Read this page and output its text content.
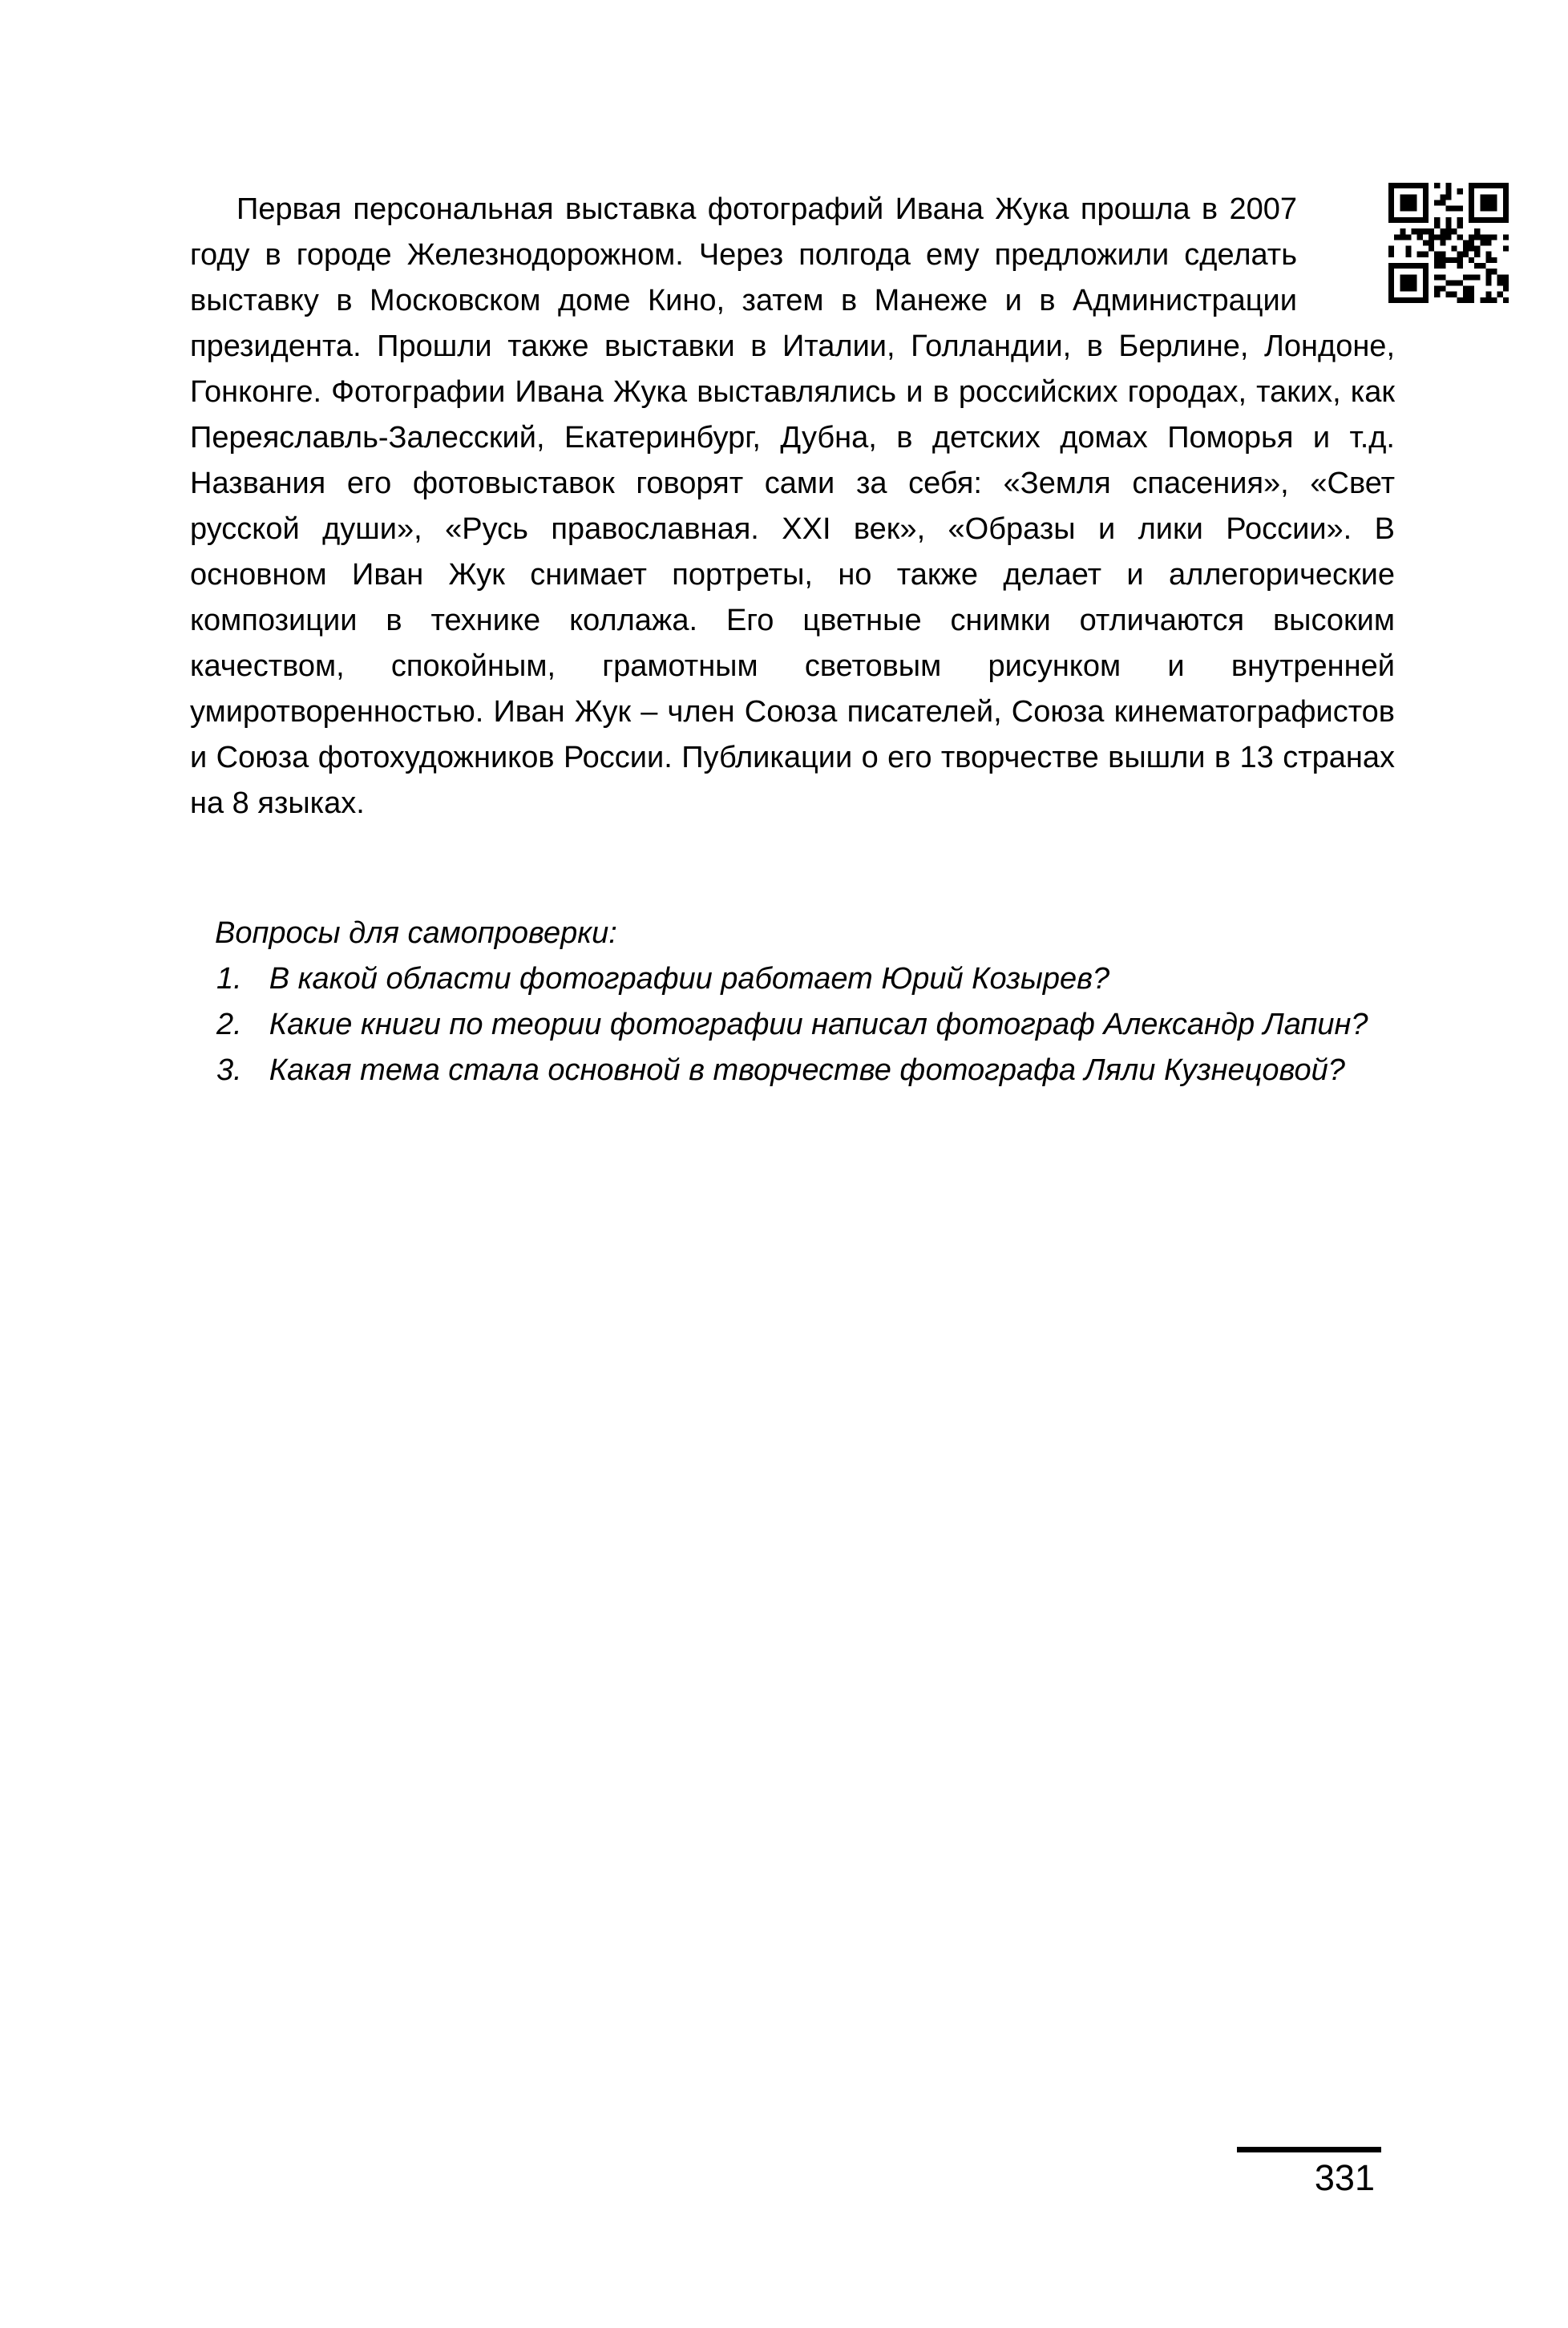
Первая персональная выставка фотографий Ивана Жука прошла в 2007 году в городе Железнодорожном. Через полгода ему предложили сделать выставку в Московском доме Кино, затем в Манеже и в Администрации президента. Прошли также выставки в Италии, Голландии, в Берлине, Лондоне, Гонконге. Фотографии Ивана Жука выставлялись и в российских городах, таких, как Переяславль-Залесский, Екатеринбург, Дубна, в детских домах Поморья и т.д. Названия его фотовыставок говорят сами за себя: «Земля спасения», «Свет русской души», «Русь православная. XXI век», «Образы и лики России». В основном Иван Жук снимает портреты, но также делает и аллегорические композиции в технике коллажа. Его цветные снимки отличаются высоким качеством, спокойным, грамотным световым рисунком и внутренней умиротворенностью. Иван Жук – член Союза писателей, Союза кинематографистов и Союза фотохудожников России. Публикации о его творчестве вышли в 13 странах на 8 языках.

Вопросы для самопроверки:

1. В какой области фотографии работает Юрий Козырев?

2. Какие книги по теории фотографии написал фотограф Александр Лапин?

3. Какая тема стала основной в творчестве фотографа Ляли Кузнецовой?

331
